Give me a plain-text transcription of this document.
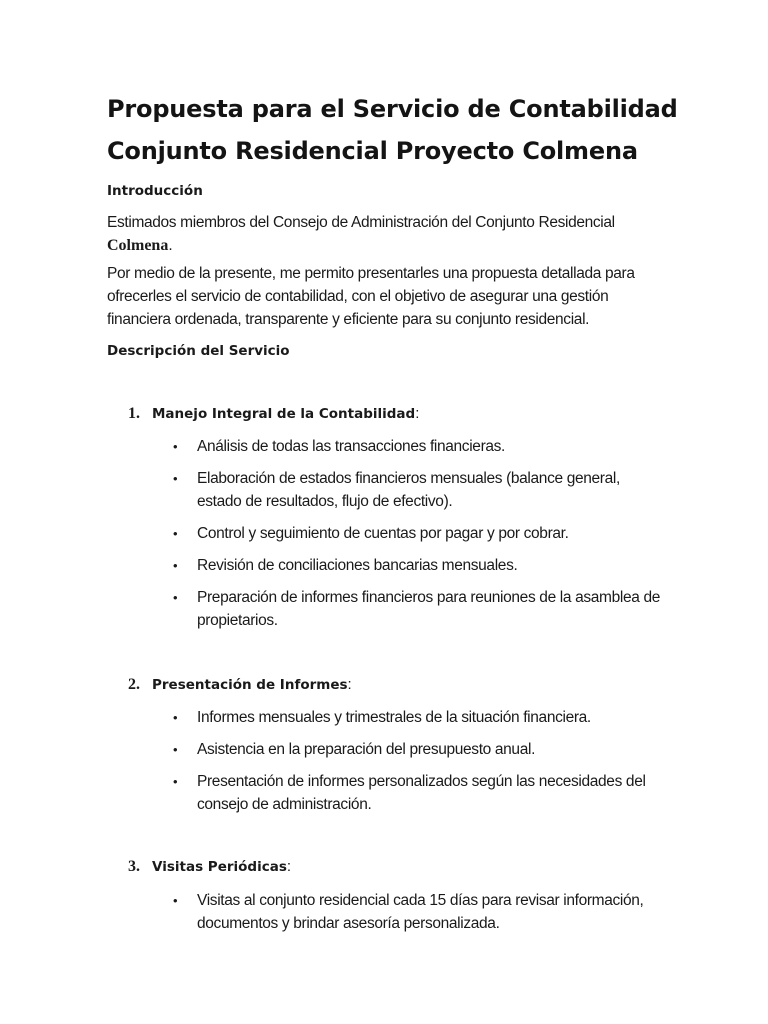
Propuesta para el Servicio de Contabilidad
Conjunto Residencial Proyecto Colmena
Introducción

Estimados miembros del Consejo de Administración del Conjunto Residencial
Colmena.

Por medio de la presente, me permito presentarles una propuesta detallada para
ofrecerles el servicio de contabilidad, con el objetivo de asegurar una gestión
financiera ordenada, transparente y eficiente para su conjunto residencial.

Descripción del Servicio
1. Manejo Integral de la Contabilidad:
• Análisis de todas las transacciones financieras.
• Elaboración de estados financieros mensuales (balance general,
estado de resultados, flujo de efectivo).
• Control y seguimiento de cuentas por pagar y por cobrar.
• Revisión de conciliaciones bancarias mensuales.
• Preparación de informes financieros para reuniones de la asamblea de
propietarios.
2. Presentación de Informes:
• Informes mensuales y trimestrales de la situación financiera.
• Asistencia en la preparación del presupuesto anual.
• Presentación de informes personalizados según las necesidades del
consejo de administración.
3. Visitas Periódicas:
• Visitas al conjunto residencial cada 15 días para revisar información,
documentos y brindar asesoría personalizada.
